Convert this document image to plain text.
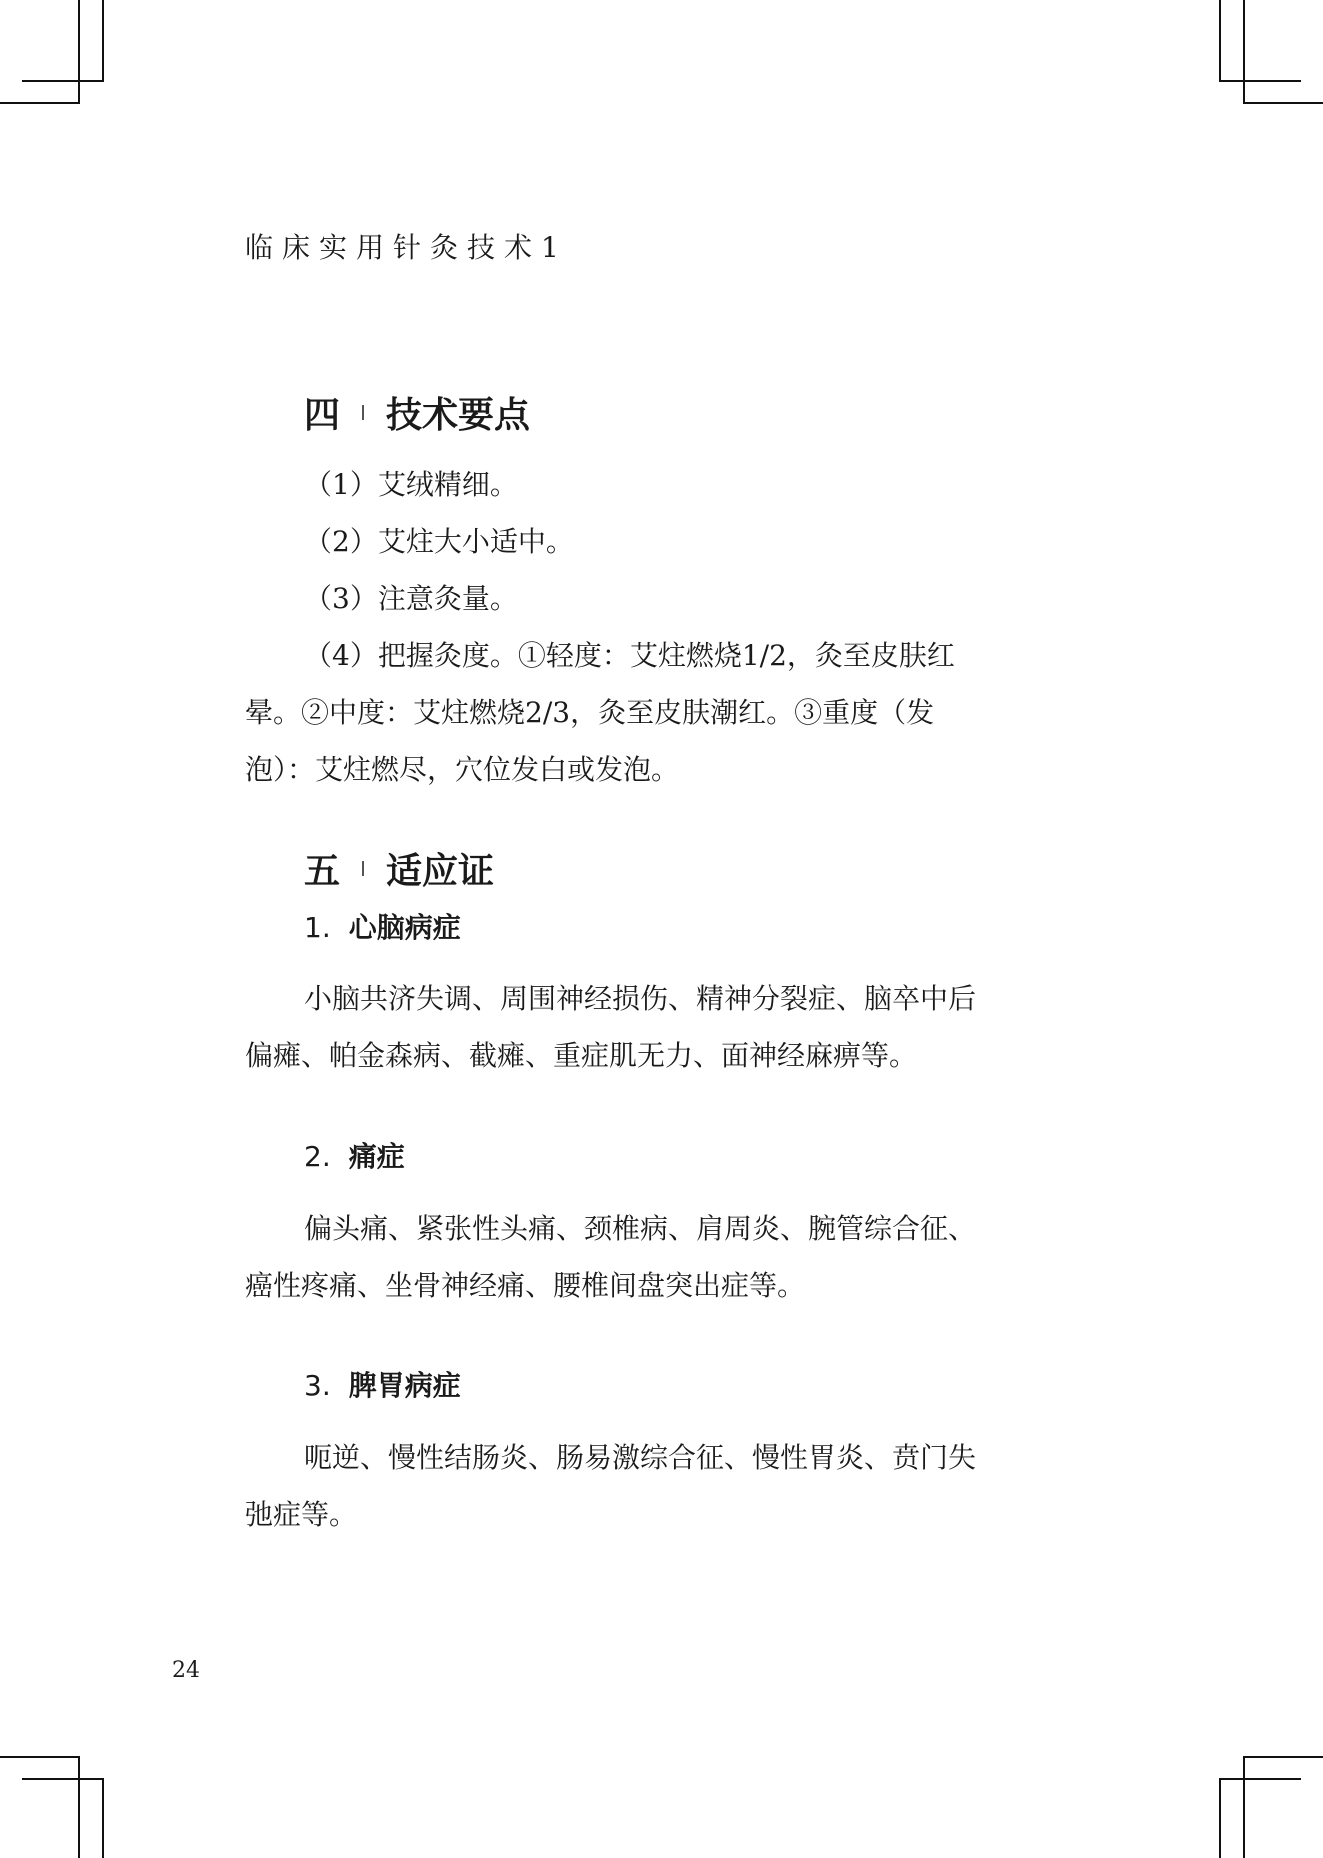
临床实用针灸技术1
四 技术要点

（1）艾绒精细。

（2）艾炷大小适中。

（3）注意灸量。

（4）把握灸度。①轻度：艾炷燃烧1/2，灸至皮肤红
晕。②中度：艾炷燃烧2/3，灸至皮肤潮红。③重度（发
泡）：艾炷燃尽，穴位发白或发泡。

五 适应证
1. 心脑病症

小脑共济失调、周围神经损伤、精神分裂症、脑卒中后
偏瘫、帕金森病、截瘫、重症肌无力、面神经麻痹等。

2. 痛症

偏头痛、紧张性头痛、颈椎病、肩周炎、腕管综合征、
癌性疼痛、坐骨神经痛、腰椎间盘突出症等。

3. 脾胃病症

呃逆、慢性结肠炎、肠易激综合征、慢性胃炎、贲门失
弛症等。

24
